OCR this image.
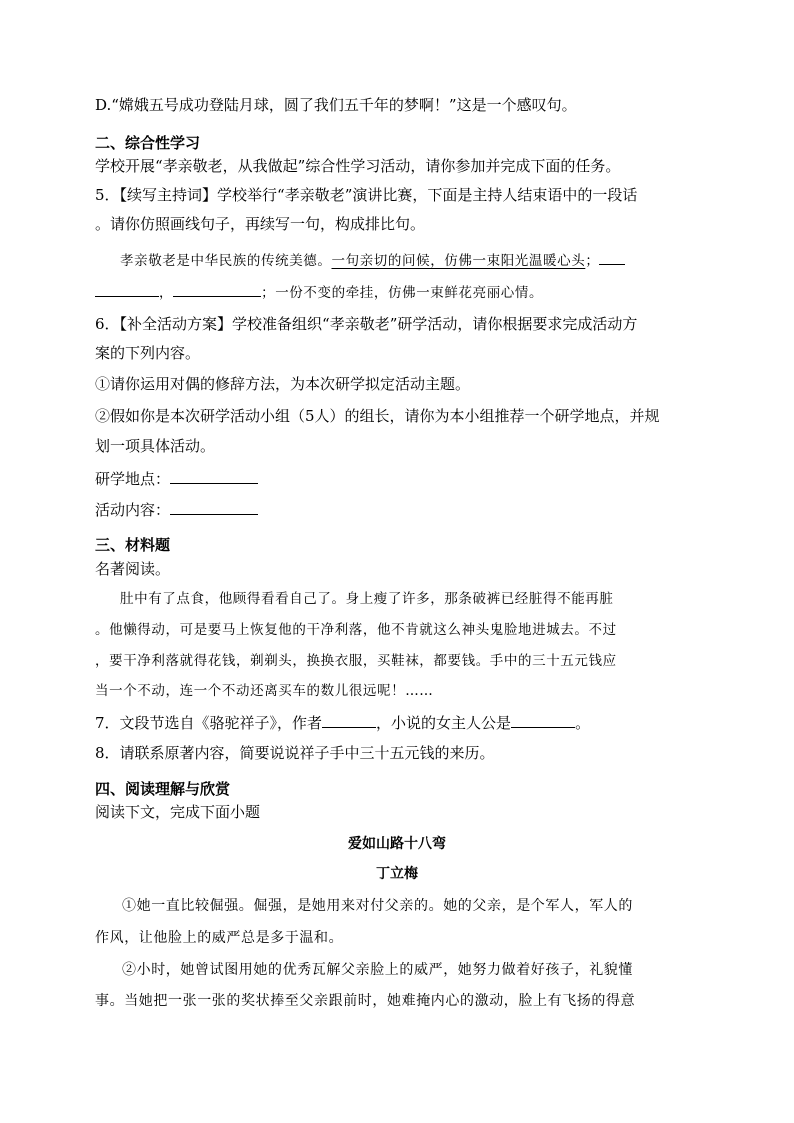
D.“嫦娥五号成功登陆月球，圆了我们五千年的梦啊！”这是一个感叹句。
二、综合性学习
学校开展“孝亲敬老，从我做起”综合性学习活动，请你参加并完成下面的任务。
5．【续写主持词】学校举行“孝亲敬老”演讲比赛，下面是主持人结束语中的一段话
。请你仿照画线句子，再续写一句，构成排比句。
孝亲敬老是中华民族的传统美德。一句亲切的问候，仿佛一束阳光温暖心头；
，	；一份不变的牵挂，仿佛一束鲜花亮丽心情。
6．【补全活动方案】学校准备组织“孝亲敬老”研学活动，请你根据要求完成活动方
案的下列内容。
①请你运用对偶的修辞方法，为本次研学拟定活动主题。
②假如你是本次研学活动小组（5人）的组长，请你为本小组推荐一个研学地点，并规
划一项具体活动。
研学地点：
活动内容：
三、材料题
名著阅读。
肚中有了点食，他顾得看看自己了。身上瘦了许多，那条破裤已经脏得不能再脏
。他懒得动，可是要马上恢复他的干净利落，他不肯就这么神头鬼脸地进城去。不过
，要干净利落就得花钱，剃剃头，换换衣服，买鞋袜，都要钱。手中的三十五元钱应
当一个不动，连一个不动还离买车的数儿很远呢！……
7．文段节选自《骆驼祥子》，作者	，小说的女主人公是	。
8．请联系原著内容，简要说说祥子手中三十五元钱的来历。
四、阅读理解与欣赏
阅读下文，完成下面小题
爱如山路十八弯
丁立梅
①她一直比较倔强。倔强，是她用来对付父亲的。她的父亲，是个军人，军人的
作风，让他脸上的威严总是多于温和。
②小时，她曾试图用她的优秀瓦解父亲脸上的威严，她努力做着好孩子，礼貌懂
事。当她把一张一张的奖状捧至父亲跟前时，她难掩内心的激动，脸上有飞扬的得意
